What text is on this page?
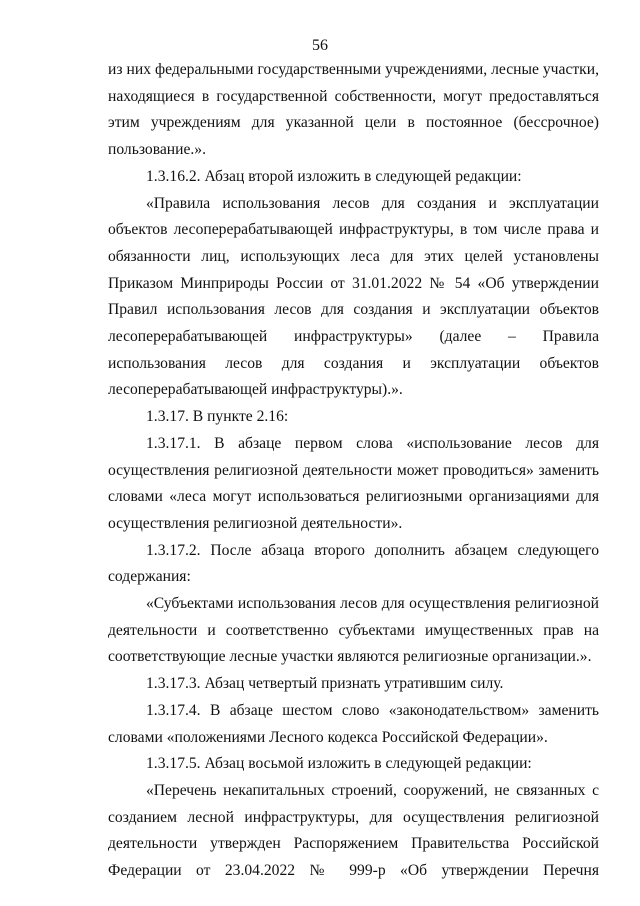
56

из них федеральными государственными учреждениями, лесные участки, находящиеся в государственной собственности, могут предоставляться этим учреждениям для указанной цели в постоянное (бессрочное) пользование.».

1.3.16.2. Абзац второй изложить в следующей редакции:

«Правила использования лесов для создания и эксплуатации объектов лесоперерабатывающей инфраструктуры, в том числе права и обязанности лиц, использующих леса для этих целей установлены Приказом Минприроды России от 31.01.2022 № 54 «Об утверждении Правил использования лесов для создания и эксплуатации объектов лесоперерабатывающей инфраструктуры» (далее – Правила использования лесов для создания и эксплуатации объектов лесоперерабатывающей инфраструктуры).».

1.3.17. В пункте 2.16:

1.3.17.1. В абзаце первом слова «использование лесов для осуществления религиозной деятельности может проводиться» заменить словами «леса могут использоваться религиозными организациями для осуществления религиозной деятельности».

1.3.17.2. После абзаца второго дополнить абзацем следующего содержания:

«Субъектами использования лесов для осуществления религиозной деятельности и соответственно субъектами имущественных прав на соответствующие лесные участки являются религиозные организации.».

1.3.17.3. Абзац четвертый признать утратившим силу.

1.3.17.4. В абзаце шестом слово «законодательством» заменить словами «положениями Лесного кодекса Российской Федерации».

1.3.17.5. Абзац восьмой изложить в следующей редакции:

«Перечень некапитальных строений, сооружений, не связанных с созданием лесной инфраструктуры, для осуществления религиозной деятельности утвержден Распоряжением Правительства Российской Федерации от 23.04.2022 № 999-р «Об утверждении Перечня
